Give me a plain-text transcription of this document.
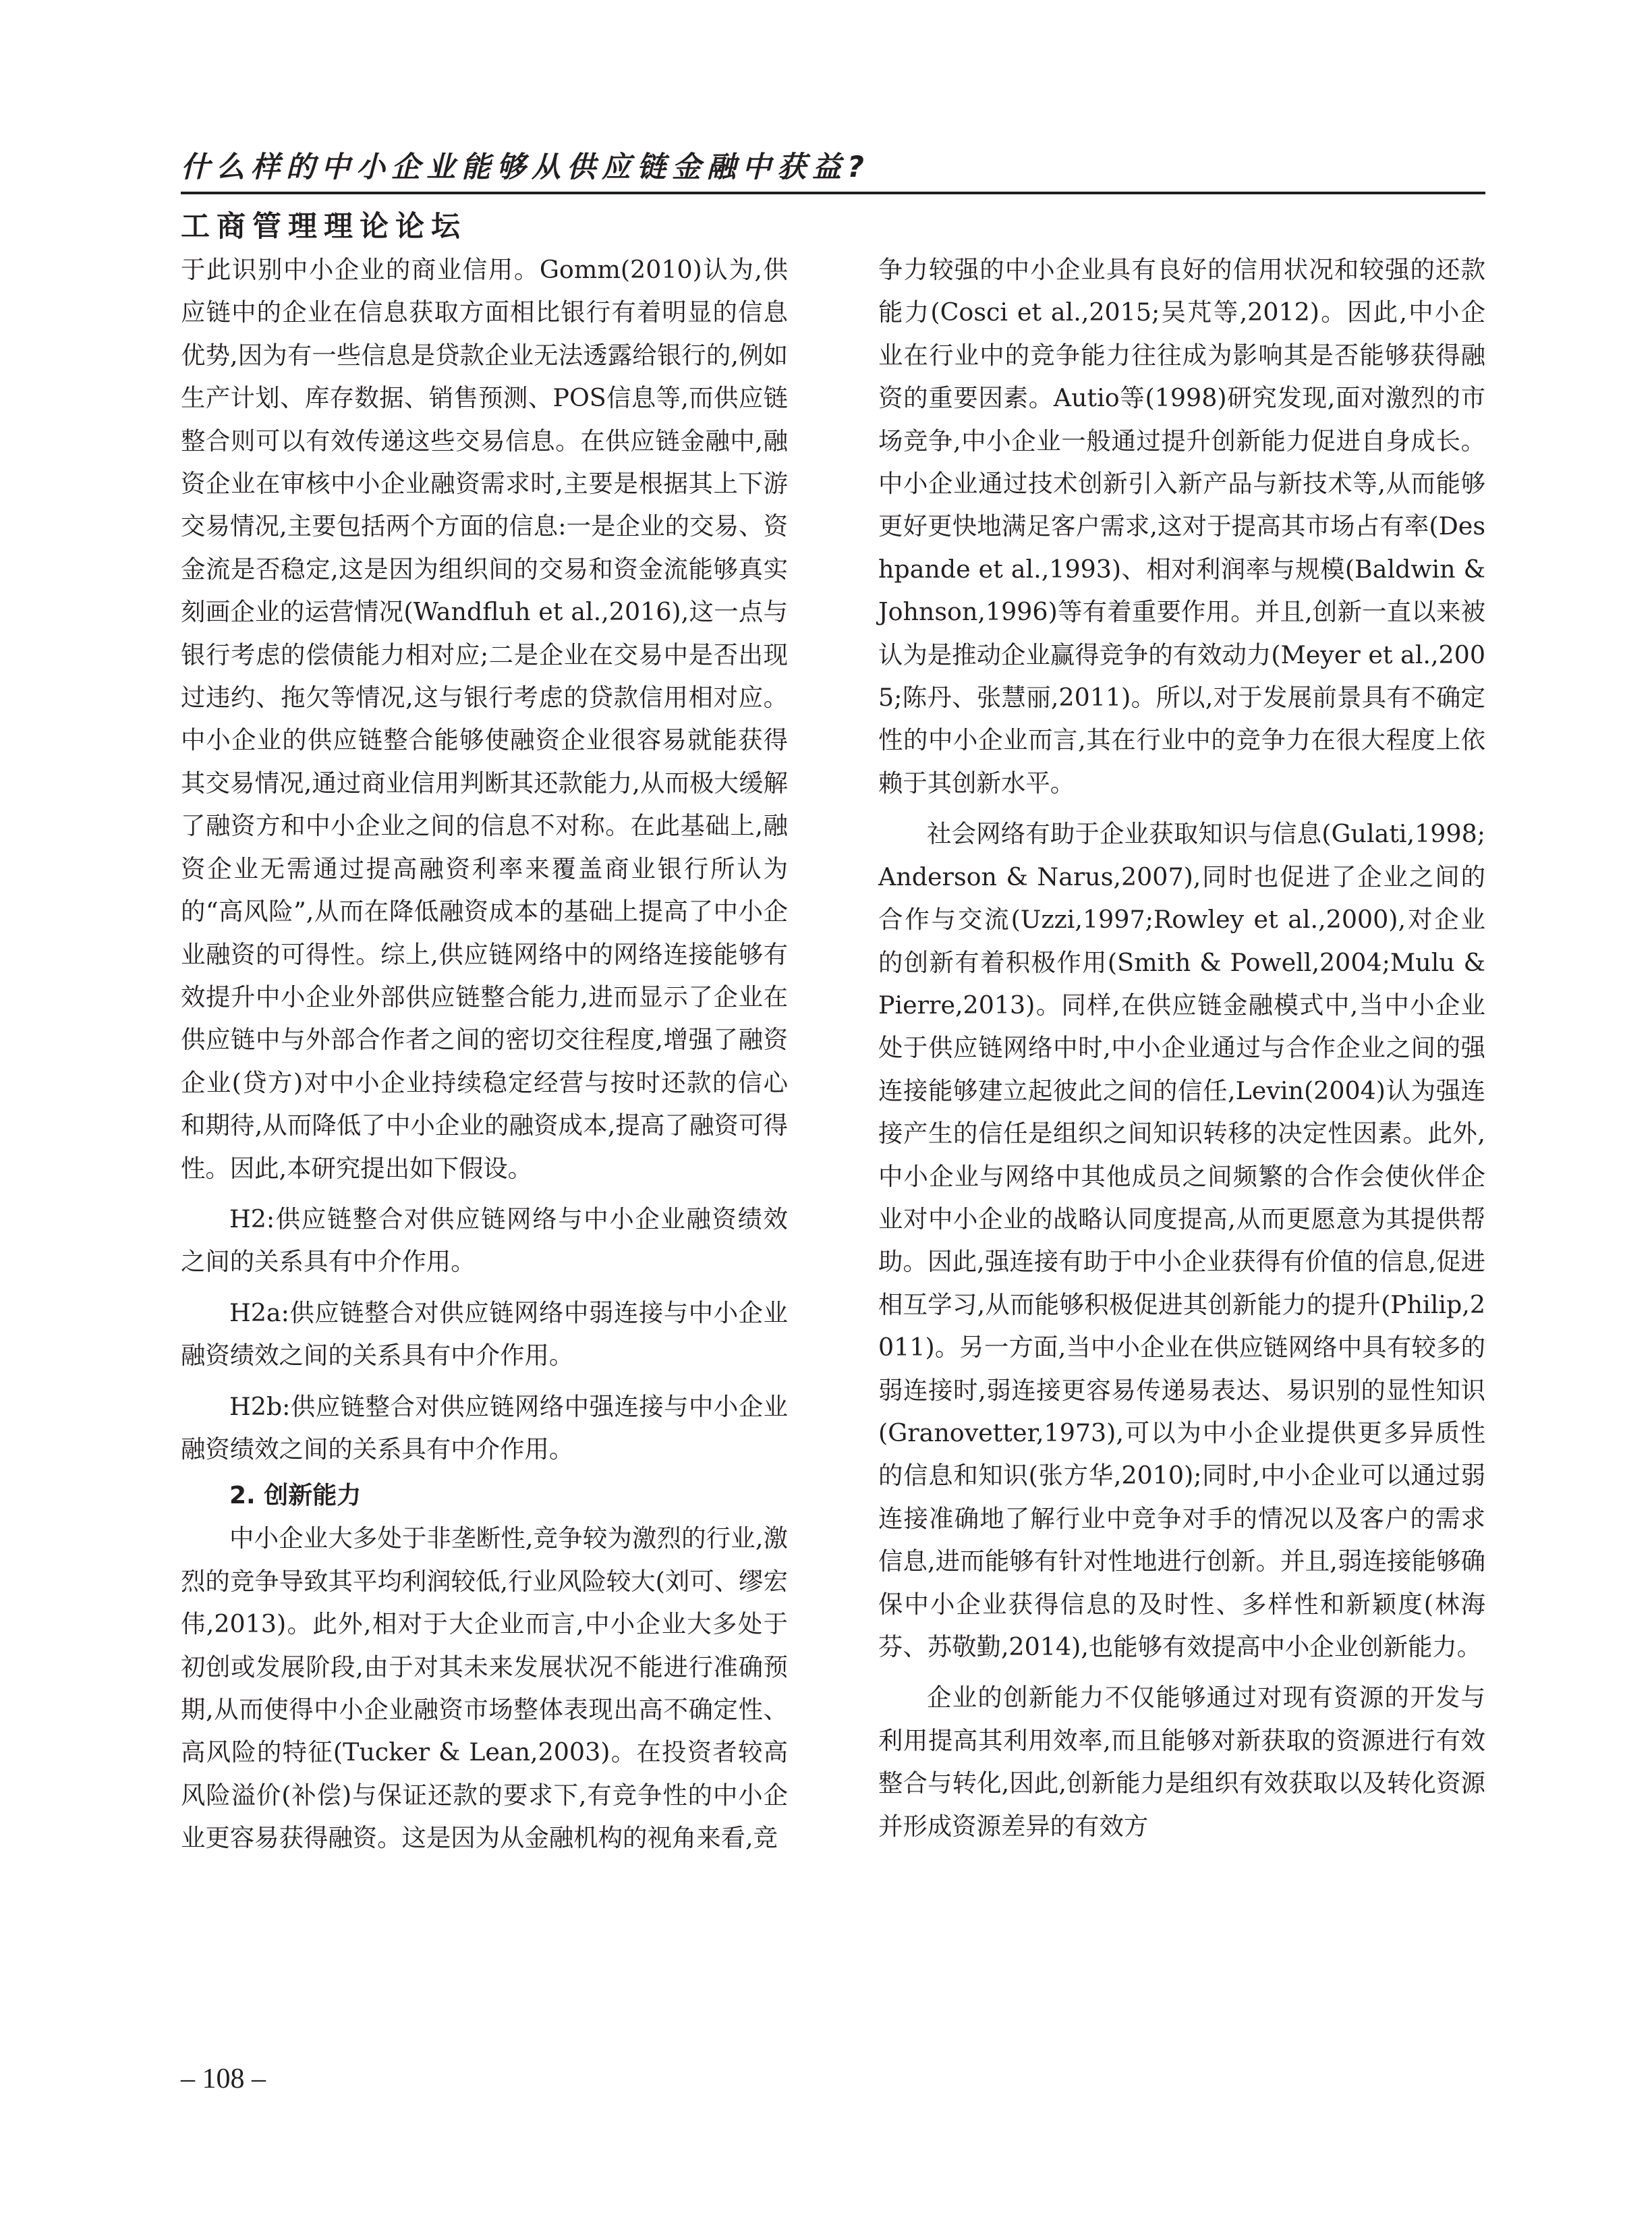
什么样的中小企业能够从供应链金融中获益?

工商管理理论论坛

于此识别中小企业的商业信用。Gomm(2010)认为,供应链中的企业在信息获取方面相比银行有着明显的信息优势,因为有一些信息是贷款企业无法透露给银行的,例如生产计划、库存数据、销售预测、POS信息等,而供应链整合则可以有效传递这些交易信息。在供应链金融中,融资企业在审核中小企业融资需求时,主要是根据其上下游交易情况,主要包括两个方面的信息:一是企业的交易、资金流是否稳定,这是因为组织间的交易和资金流能够真实刻画企业的运营情况(Wandfluh et al.,2016),这一点与银行考虑的偿债能力相对应;二是企业在交易中是否出现过违约、拖欠等情况,这与银行考虑的贷款信用相对应。中小企业的供应链整合能够使融资企业很容易就能获得其交易情况,通过商业信用判断其还款能力,从而极大缓解了融资方和中小企业之间的信息不对称。在此基础上,融资企业无需通过提高融资利率来覆盖商业银行所认为的“高风险”,从而在降低融资成本的基础上提高了中小企业融资的可得性。综上,供应链网络中的网络连接能够有效提升中小企业外部供应链整合能力,进而显示了企业在供应链中与外部合作者之间的密切交往程度,增强了融资企业(贷方)对中小企业持续稳定经营与按时还款的信心和期待,从而降低了中小企业的融资成本,提高了融资可得性。因此,本研究提出如下假设。

H2:供应链整合对供应链网络与中小企业融资绩效之间的关系具有中介作用。

H2a:供应链整合对供应链网络中弱连接与中小企业融资绩效之间的关系具有中介作用。

H2b:供应链整合对供应链网络中强连接与中小企业融资绩效之间的关系具有中介作用。

2. 创新能力

中小企业大多处于非垄断性,竞争较为激烈的行业,激烈的竞争导致其平均利润较低,行业风险较大(刘可、缪宏伟,2013)。此外,相对于大企业而言,中小企业大多处于初创或发展阶段,由于对其未来发展状况不能进行准确预期,从而使得中小企业融资市场整体表现出高不确定性、高风险的特征(Tucker & Lean,2003)。在投资者较高风险溢价(补偿)与保证还款的要求下,有竞争性的中小企业更容易获得融资。这是因为从金融机构的视角来看,竞

争力较强的中小企业具有良好的信用状况和较强的还款能力(Cosci et al.,2015;吴芃等,2012)。因此,中小企业在行业中的竞争能力往往成为影响其是否能够获得融资的重要因素。Autio等(1998)研究发现,面对激烈的市场竞争,中小企业一般通过提升创新能力促进自身成长。中小企业通过技术创新引入新产品与新技术等,从而能够更好更快地满足客户需求,这对于提高其市场占有率(Deshpande et al.,1993)、相对利润率与规模(Baldwin & Johnson,1996)等有着重要作用。并且,创新一直以来被认为是推动企业赢得竞争的有效动力(Meyer et al.,2005;陈丹、张慧丽,2011)。所以,对于发展前景具有不确定性的中小企业而言,其在行业中的竞争力在很大程度上依赖于其创新水平。

社会网络有助于企业获取知识与信息(Gulati,1998;Anderson & Narus,2007),同时也促进了企业之间的合作与交流(Uzzi,1997;Rowley et al.,2000),对企业的创新有着积极作用(Smith & Powell,2004;Mulu & Pierre,2013)。同样,在供应链金融模式中,当中小企业处于供应链网络中时,中小企业通过与合作企业之间的强连接能够建立起彼此之间的信任,Levin(2004)认为强连接产生的信任是组织之间知识转移的决定性因素。此外,中小企业与网络中其他成员之间频繁的合作会使伙伴企业对中小企业的战略认同度提高,从而更愿意为其提供帮助。因此,强连接有助于中小企业获得有价值的信息,促进相互学习,从而能够积极促进其创新能力的提升(Philip,2011)。另一方面,当中小企业在供应链网络中具有较多的弱连接时,弱连接更容易传递易表达、易识别的显性知识(Granovetter,1973),可以为中小企业提供更多异质性的信息和知识(张方华,2010);同时,中小企业可以通过弱连接准确地了解行业中竞争对手的情况以及客户的需求信息,进而能够有针对性地进行创新。并且,弱连接能够确保中小企业获得信息的及时性、多样性和新颖度(林海芬、苏敬勤,2014),也能够有效提高中小企业创新能力。

企业的创新能力不仅能够通过对现有资源的开发与利用提高其利用效率,而且能够对新获取的资源进行有效整合与转化,因此,创新能力是组织有效获取以及转化资源并形成资源差异的有效方

– 108 –
